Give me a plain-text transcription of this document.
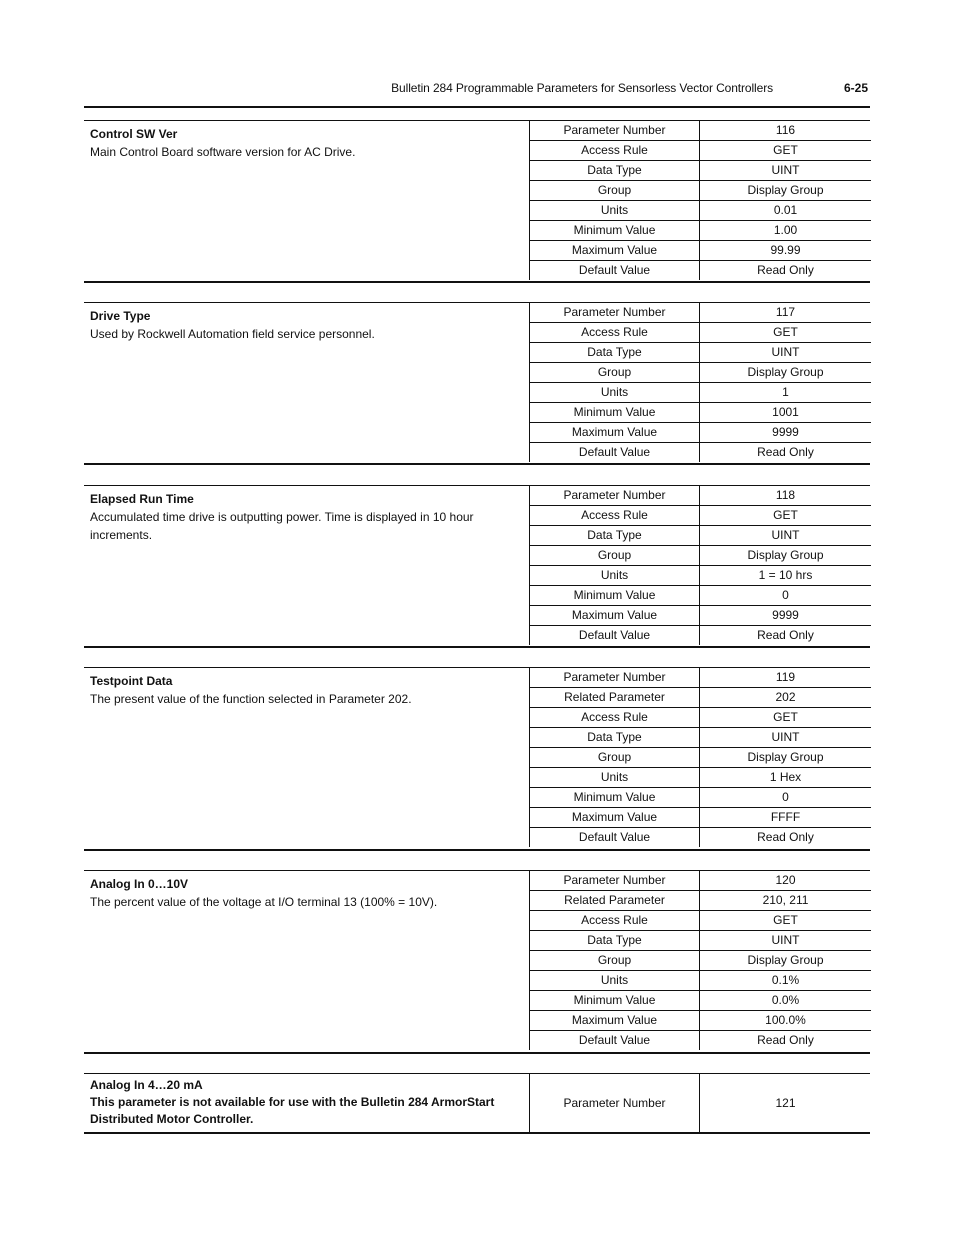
Bulletin 284 Programmable Parameters for Sensorless Vector Controllers	6-25
Control SW Ver
Main Control Board software version for AC Drive.
Parameter Number	116
Access Rule	GET
Data Type	UINT
Group	Display Group
Units	0.01
Minimum Value	1.00
Maximum Value	99.99
Default Value	Read Only
Drive Type
Used by Rockwell Automation field service personnel.
Parameter Number	117
Access Rule	GET
Data Type	UINT
Group	Display Group
Units	1
Minimum Value	1001
Maximum Value	9999
Default Value	Read Only
Elapsed Run Time
Accumulated time drive is outputting power. Time is displayed in 10 hour increments.
Parameter Number	118
Access Rule	GET
Data Type	UINT
Group	Display Group
Units	1 = 10 hrs
Minimum Value	0
Maximum Value	9999
Default Value	Read Only
Testpoint Data
The present value of the function selected in Parameter 202.
Parameter Number	119
Related Parameter	202
Access Rule	GET
Data Type	UINT
Group	Display Group
Units	1 Hex
Minimum Value	0
Maximum Value	FFFF
Default Value	Read Only
Analog In 0…10V
The percent value of the voltage at I/O terminal 13 (100% = 10V).
Parameter Number	120
Related Parameter	210, 211
Access Rule	GET
Data Type	UINT
Group	Display Group
Units	0.1%
Minimum Value	0.0%
Maximum Value	100.0%
Default Value	Read Only
Analog In 4…20 mA
This parameter is not available for use with the Bulletin 284 ArmorStart Distributed Motor Controller.
Parameter Number	121
